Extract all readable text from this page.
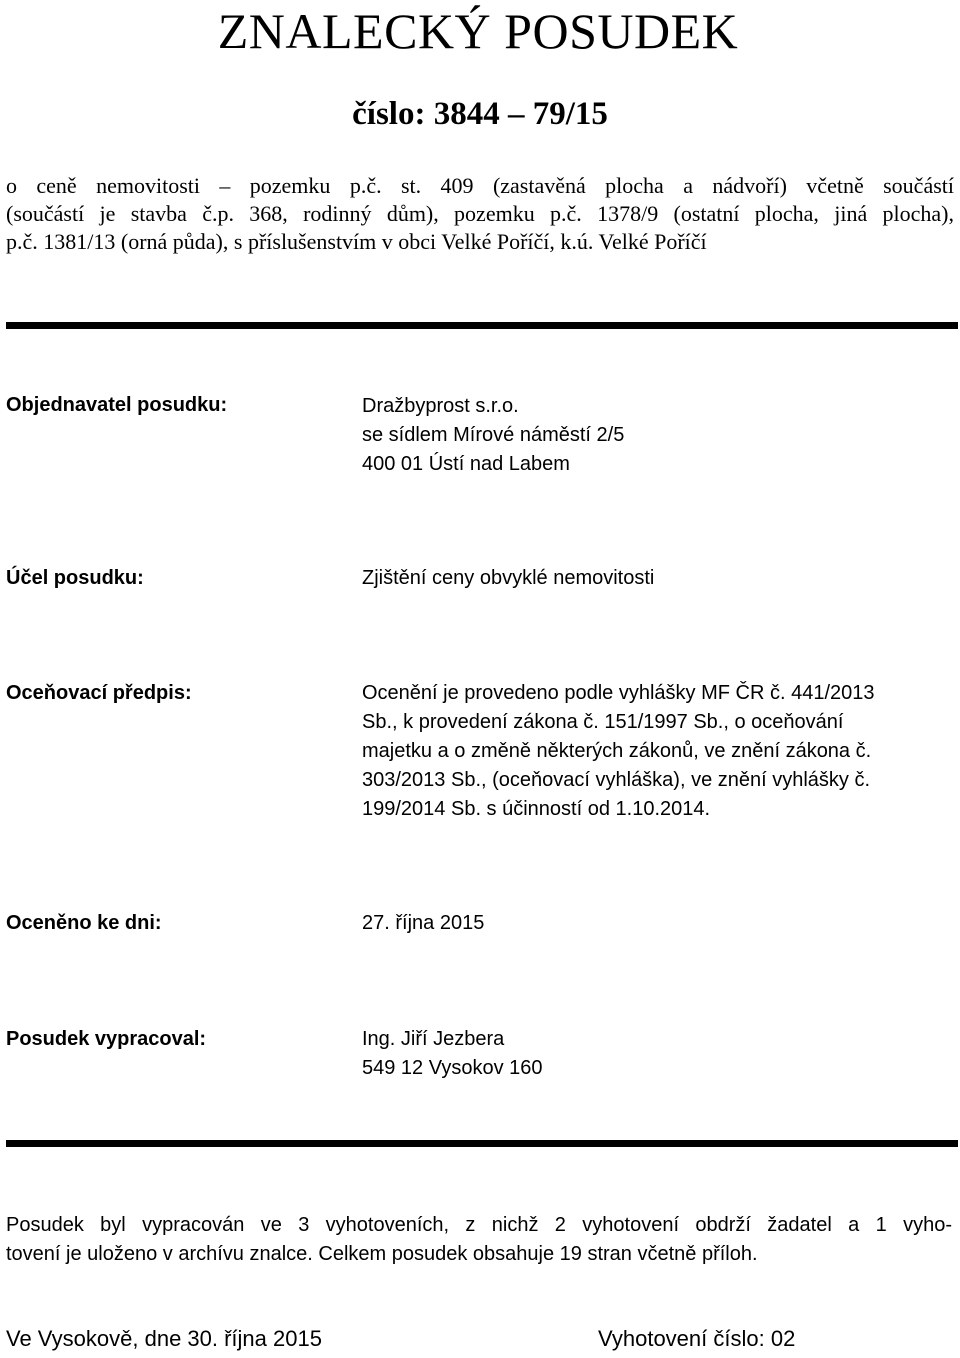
ZNALECKÝ POSUDEK
číslo: 3844 – 79/15
o ceně nemovitosti – pozemku p.č. st. 409 (zastavěná plocha a nádvoří) včetně součástí
(součástí je stavba č.p. 368, rodinný dům), pozemku p.č. 1378/9 (ostatní plocha, jiná plocha),
p.č. 1381/13 (orná půda), s příslušenstvím v obci Velké Poříčí, k.ú. Velké Poříčí
Objednavatel posudku:	Dražbyprost s.r.o.
se sídlem Mírové náměstí 2/5
400 01 Ústí nad Labem
Účel posudku:	Zjištění ceny obvyklé nemovitosti
Oceňovací předpis:	Ocenění je provedeno podle vyhlášky MF ČR č. 441/2013
Sb., k provedení zákona č. 151/1997 Sb., o oceňování
majetku a o změně některých zákonů, ve znění zákona č.
303/2013 Sb., (oceňovací vyhláška), ve znění vyhlášky č.
199/2014 Sb. s účinností od 1.10.2014.
Oceněno ke dni:	27. října 2015
Posudek vypracoval:	Ing. Jiří Jezbera
549 12 Vysokov 160
Posudek byl vypracován ve 3 vyhotoveních, z nichž 2 vyhotovení obdrží žadatel a 1 vyho-
tovení je uloženo v archívu znalce. Celkem posudek obsahuje 19 stran včetně příloh.
Ve Vysokově, dne 30. října 2015	Vyhotovení číslo: 02
